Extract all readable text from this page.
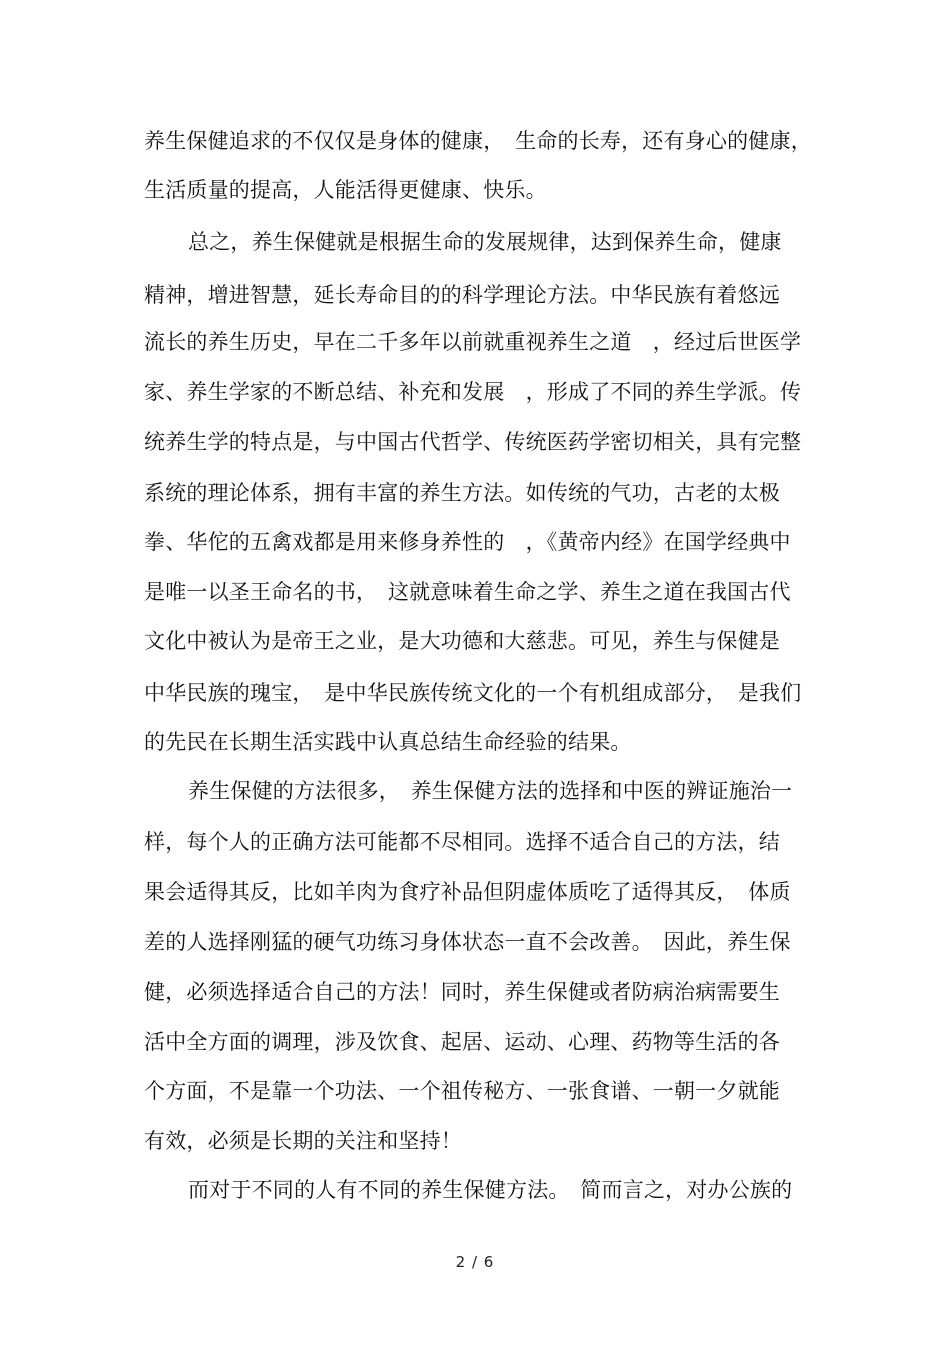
养生保健追求的不仅仅是身体的健康，　生命的长寿，还有身心的健康，
生活质量的提高，人能活得更健康、快乐。
总之，养生保健就是根据生命的发展规律，达到保养生命，健康
精神，增进智慧，延长寿命目的的科学理论方法。中华民族有着悠远
流长的养生历史，早在二千多年以前就重视养生之道　，经过后世医学
家、养生学家的不断总结、补充和发展　，形成了不同的养生学派。传
统养生学的特点是，与中国古代哲学、传统医药学密切相关，具有完整
系统的理论体系，拥有丰富的养生方法。如传统的气功，古老的太极
拳、华佗的五禽戏都是用来修身养性的　，《黄帝内经》在国学经典中
是唯一以圣王命名的书，　这就意味着生命之学、养生之道在我国古代
文化中被认为是帝王之业，是大功德和大慈悲。可见，养生与保健是
中华民族的瑰宝，　是中华民族传统文化的一个有机组成部分，　是我们
的先民在长期生活实践中认真总结生命经验的结果。
养生保健的方法很多，　养生保健方法的选择和中医的辨证施治一
样，每个人的正确方法可能都不尽相同。选择不适合自己的方法，结
果会适得其反，比如羊肉为食疗补品但阴虚体质吃了适得其反，　体质
差的人选择刚猛的硬气功练习身体状态一直不会改善。　因此，养生保
健，必须选择适合自己的方法！同时，养生保健或者防病治病需要生
活中全方面的调理，涉及饮食、起居、运动、心理、药物等生活的各
个方面，不是靠一个功法、一个祖传秘方、一张食谱、一朝一夕就能
有效，必须是长期的关注和坚持！
而对于不同的人有不同的养生保健方法。　简而言之，对办公族的
2 / 6
